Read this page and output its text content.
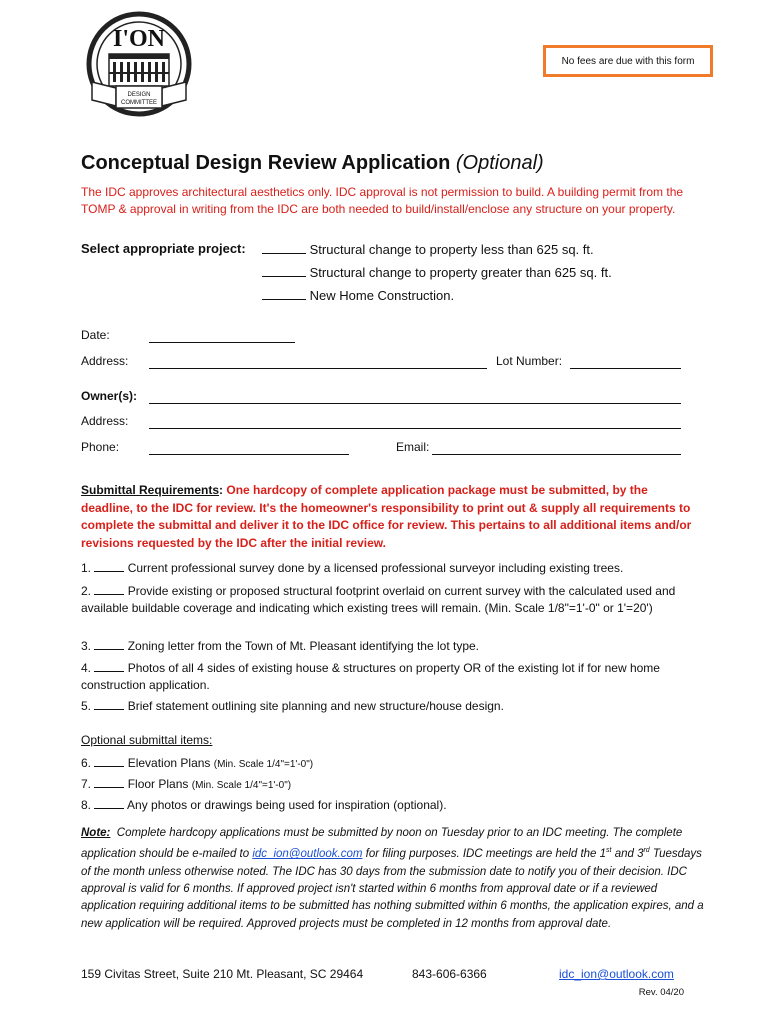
I'ON
DESIGN
COMMITTEE
No fees are due with this form
Conceptual Design Review Application (Optional)
The IDC approves architectural aesthetics only. IDC approval is not permission to build. A building permit from the TOMP & approval in writing from the IDC are both needed to build/install/enclose any structure on your property.
Select appropriate project:	Structural change to property less than 625 sq. ft.
Structural change to property greater than 625 sq. ft.
New Home Construction.
Date:
Address:	Lot Number:
Owner(s):
Address:
Phone:	Email:
Submittal Requirements: One hardcopy of complete application package must be submitted, by the deadline, to the IDC for review. It's the homeowner's responsibility to print out & supply all requirements to complete the submittal and deliver it to the IDC office for review. This pertains to all additional items and/or revisions requested by the IDC after the initial review.
1.	Current professional survey done by a licensed professional surveyor including existing trees.
2.	Provide existing or proposed structural footprint overlaid on current survey with the calculated used and available buildable coverage and indicating which existing trees will remain. (Min. Scale 1/8"=1'-0" or 1'=20')
3.	Zoning letter from the Town of Mt. Pleasant identifying the lot type.
4.	Photos of all 4 sides of existing house & structures on property OR of the existing lot if for new home construction application.
5.	Brief statement outlining site planning and new structure/house design.
Optional submittal items:
6.	Elevation Plans (Min. Scale 1/4"=1'-0")
7.	Floor Plans (Min. Scale 1/4"=1'-0")
8.	Any photos or drawings being used for inspiration (optional).
Note: Complete hardcopy applications must be submitted by noon on Tuesday prior to an IDC meeting. The complete application should be e-mailed to idc_ion@outlook.com for filing purposes. IDC meetings are held the 1st and 3rd Tuesdays of the month unless otherwise noted. The IDC has 30 days from the submission date to notify you of their decision. IDC approval is valid for 6 months. If approved project isn't started within 6 months from approval date or if a reviewed application requiring additional items to be submitted has nothing submitted within 6 months, the application expires, and a new application will be required. Approved projects must be completed in 12 months from approval date.
159 Civitas Street, Suite 210 Mt. Pleasant, SC 29464	843-606-6366	idc_ion@outlook.com
Rev. 04/20
